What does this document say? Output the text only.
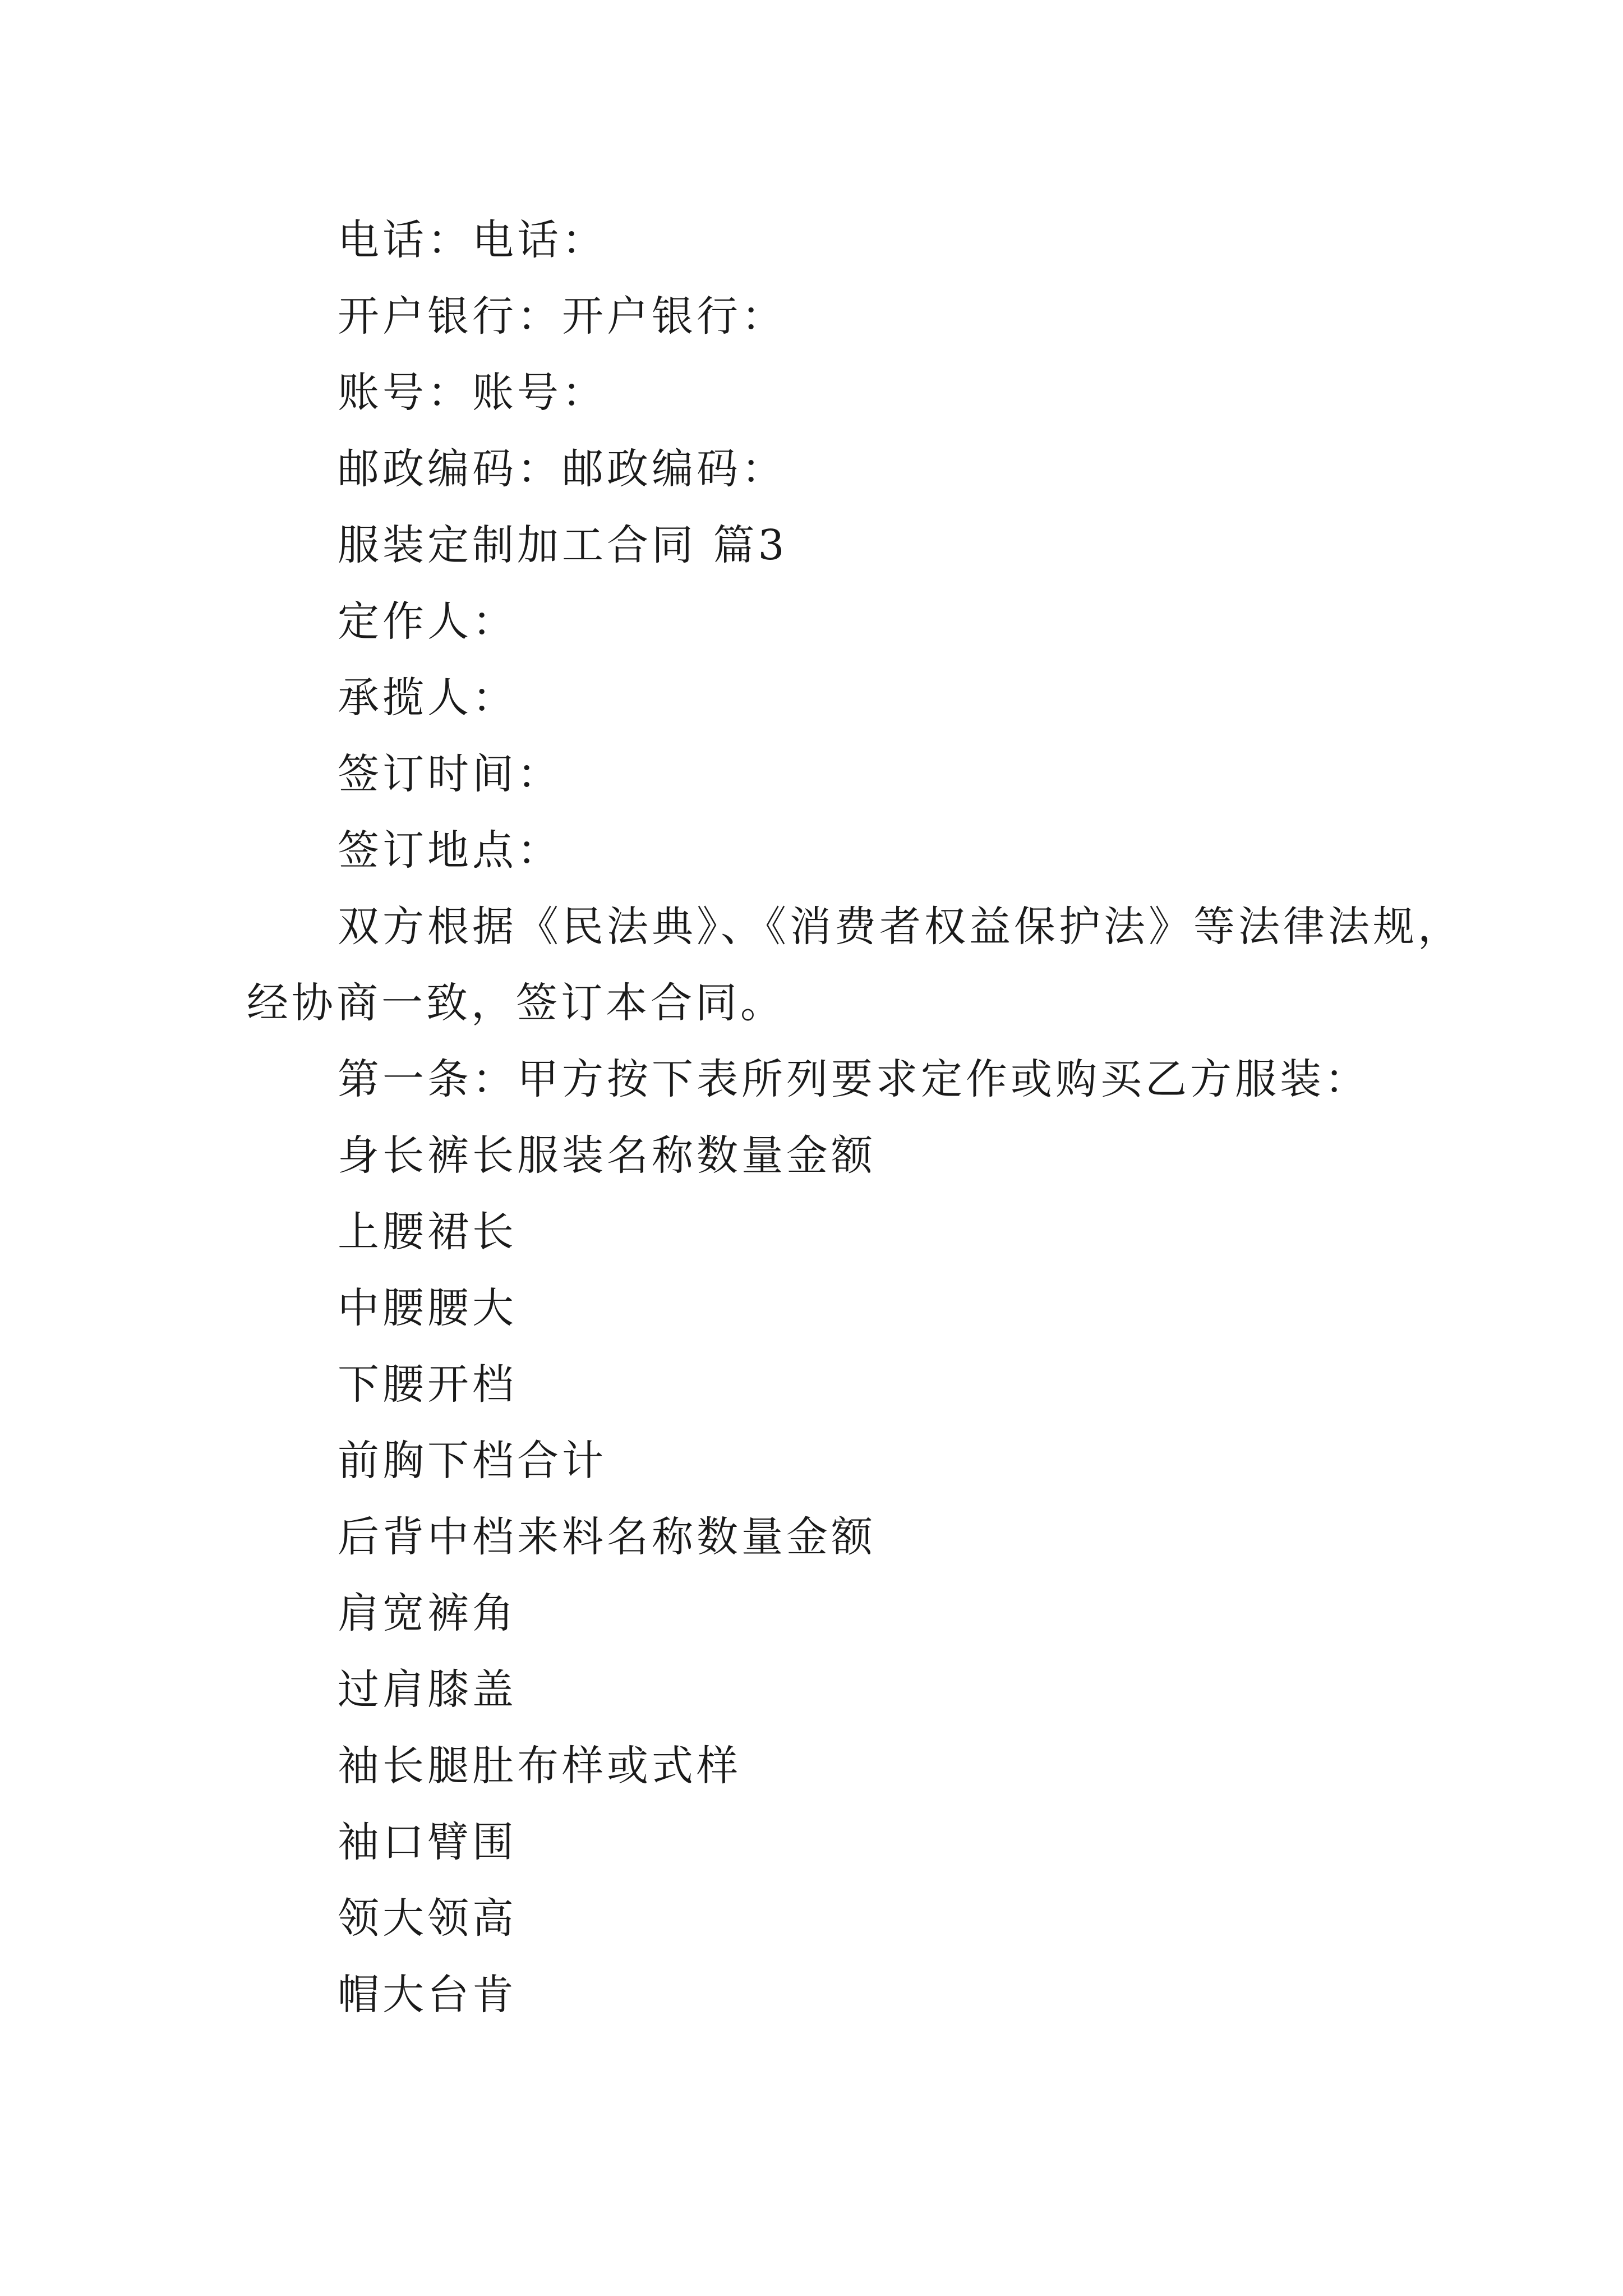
电话：电话：
开户银行：开户银行：
账号：账号：
邮政编码：邮政编码：
服装定制加工合同 篇3
定作人：
承揽人：
签订时间：
签订地点：
双方根据《民法典》、《消费者权益保护法》等法律法规，
经协商一致，签订本合同。
第一条：甲方按下表所列要求定作或购买乙方服装：
身长裤长服装名称数量金额
上腰裙长
中腰腰大
下腰开档
前胸下档合计
后背中档来料名称数量金额
肩宽裤角
过肩膝盖
袖长腿肚布样或式样
袖口臂围
领大领高
帽大台肯
